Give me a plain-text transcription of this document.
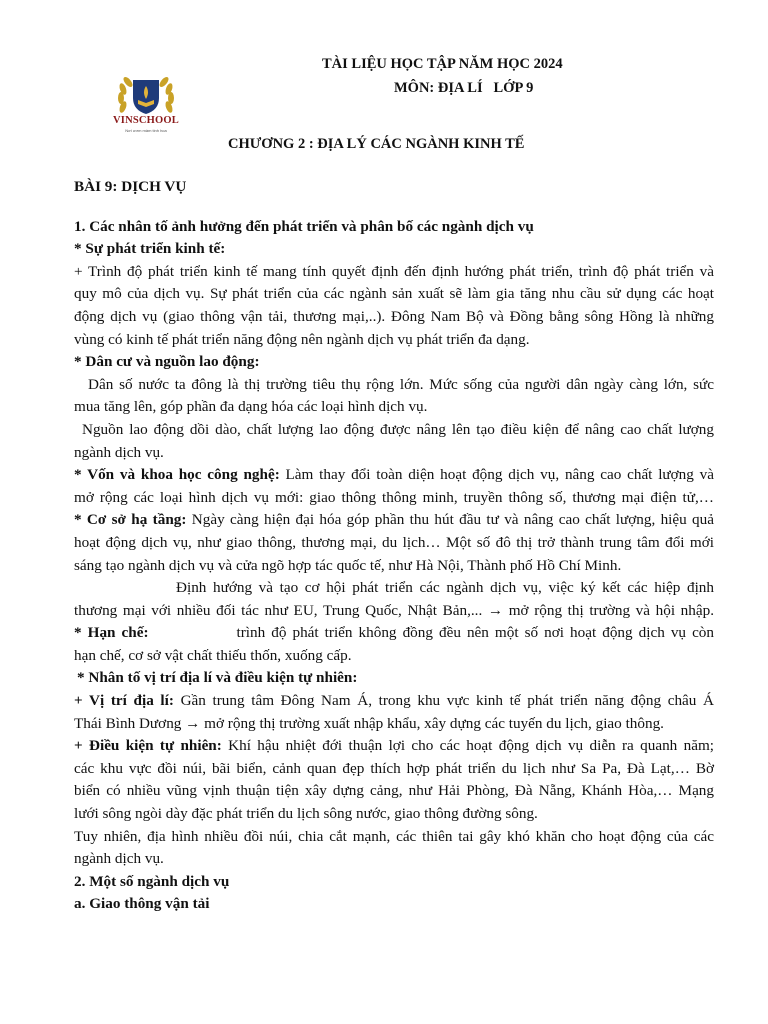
VINSCHOOL
Nơi ươm mầm tinh hoa
TÀI LIỆU HỌC TẬP NĂM HỌC 2024
MÔN: ĐỊA LÍ   LỚP 9
CHƯƠNG 2 : ĐỊA LÝ CÁC NGÀNH KINH TẾ

BÀI 9: DỊCH VỤ

1. Các nhân tố ảnh hưởng đến phát triển và phân bố các ngành dịch vụ

* Sự phát triển kinh tế:

+ Trình độ phát triển kinh tế mang tính quyết định đến định hướng phát triển, trình độ phát triển và

quy mô của dịch vụ. Sự phát triển của các ngành sản xuất sẽ làm gia tăng nhu cầu sử dụng các hoạt

động dịch vụ (giao thông vận tải, thương mại,..). Đông Nam Bộ và Đồng bằng sông Hồng là những

vùng có kinh tế phát triển năng động nên ngành dịch vụ phát triển đa dạng.

* Dân cư và nguồn lao động:

Dân số nước ta đông là thị trường tiêu thụ rộng lớn. Mức sống của người dân ngày càng lớn, sức

mua tăng lên, góp phần đa dạng hóa các loại hình dịch vụ.

Nguồn lao động dồi dào, chất lượng lao động được nâng lên tạo điều kiện để nâng cao chất lượng

ngành dịch vụ.

* Vốn và khoa học công nghệ: Làm thay đổi toàn diện hoạt động dịch vụ, nâng cao chất lượng và

mở rộng các loại hình dịch vụ mới: giao thông thông minh, truyền thông số, thương mại điện tử,…

* Cơ sở hạ tầng: Ngày càng hiện đại hóa góp phần thu hút đầu tư và nâng cao chất lượng, hiệu quả

hoạt động dịch vụ, như giao thông, thương mại, du lịch… Một số đô thị trở thành trung tâm đổi mới

sáng tạo ngành dịch vụ và cửa ngõ hợp tác quốc tế, như Hà Nội, Thành phố Hồ Chí Minh.

Định hướng và tạo cơ hội phát triển các ngành dịch vụ, việc ký kết các hiệp định

thương mại với nhiều đối tác như EU, Trung Quốc, Nhật Bản,... → mở rộng thị trường và hội nhập.

* Hạn chế:	trình độ phát triển không đồng đều nên một số nơi hoạt động dịch vụ còn

hạn chế, cơ sở vật chất thiếu thốn, xuống cấp.

* Nhân tố vị trí địa lí và điều kiện tự nhiên:

+ Vị trí địa lí: Gần trung tâm Đông Nam Á, trong khu vực kinh tế phát triển năng động châu Á

Thái Bình Dương → mở rộng thị trường xuất nhập khẩu, xây dựng các tuyến du lịch, giao thông.

+ Điều kiện tự nhiên: Khí hậu nhiệt đới thuận lợi cho các hoạt động dịch vụ diễn ra quanh năm;

các khu vực đồi núi, bãi biển, cảnh quan đẹp thích hợp phát triển du lịch như Sa Pa, Đà Lạt,… Bờ

biển có nhiều vũng vịnh thuận tiện xây dựng cảng, như Hải Phòng, Đà Nẵng, Khánh Hòa,… Mạng

lưới sông ngòi dày đặc phát triển du lịch sông nước, giao thông đường sông.

Tuy nhiên, địa hình nhiều đồi núi, chia cắt mạnh, các thiên tai gây khó khăn cho hoạt động của các

ngành dịch vụ.

2. Một số ngành dịch vụ

a. Giao thông vận tải
